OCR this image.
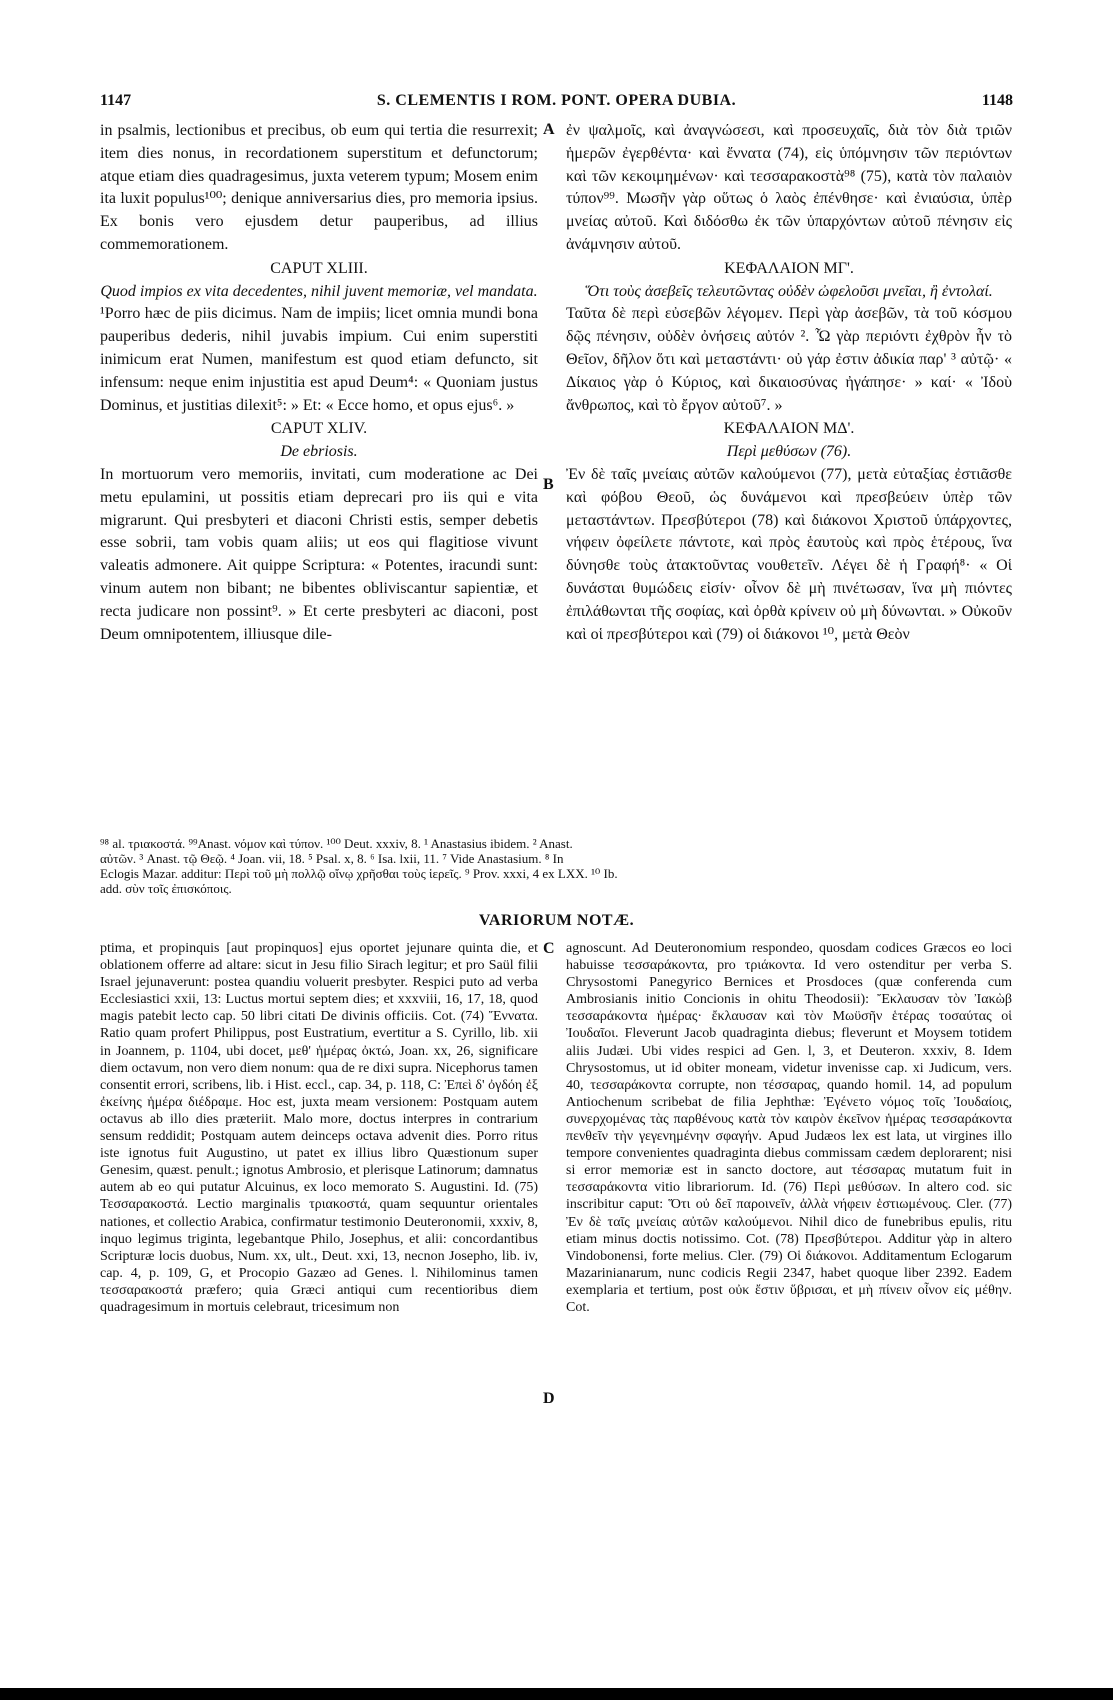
1147	S. CLEMENTIS I ROM. PONT. OPERA DUBIA.	1148

in psalmis, lectionibus et precibus, ob eum qui tertia die resurrexit; item dies nonus, in recordationem superstitum et defunctorum; atque etiam dies quadragesimus, juxta veterem typum; Mosem enim ita luxit populus¹⁰⁰; denique anniversarius dies, pro memoria ipsius. Ex bonis vero ejusdem detur pauperibus, ad illius commemorationem.

CAPUT XLIII.

Quod impios ex vita decedentes, nihil juvent memoriæ, vel mandata.

¹Porro hæc de piis dicimus. Nam de impiis; licet omnia mundi bona pauperibus dederis, nihil juvabis impium. Cui enim superstiti inimicum erat Numen, manifestum est quod etiam defuncto, sit infensum: neque enim injustitia est apud Deum⁴: « Quoniam justus Dominus, et justitias dilexit⁵: » Et: « Ecce homo, et opus ejus⁶. »

CAPUT XLIV.

De ebriosis.

In mortuorum vero memoriis, invitati, cum moderatione ac Dei metu epulamini, ut possitis etiam deprecari pro iis qui e vita migrarunt. Qui presbyteri et diaconi Christi estis, semper debetis esse sobrii, tam vobis quam aliis; ut eos qui flagitiose vivunt valeatis admonere. Ait quippe Scriptura: « Potentes, iracundi sunt: vinum autem non bibant; ne bibentes obliviscantur sapientiæ, et recta judicare non possint⁹. » Et certe presbyteri ac diaconi, post Deum omnipotentem, illiusque dile-

A
B

ἐν ψαλμοῖς, καὶ ἀναγνώσεσι, καὶ προσευχαῖς, διὰ τὸν διὰ τριῶν ἡμερῶν ἐγερθέντα· καὶ ἔννατα (74), εἰς ὑπόμνησιν τῶν περιόντων καὶ τῶν κεκοιμημένων· καὶ τεσσαρακοστὰ⁹⁸ (75), κατὰ τὸν παλαιὸν τύπον⁹⁹. Μωσῆν γὰρ οὕτως ὁ λαὸς ἐπένθησε· καὶ ἐνιαύσια, ὑπὲρ μνείας αὐτοῦ. Καὶ διδόσθω ἐκ τῶν ὑπαρχόντων αὐτοῦ πένησιν εἰς ἀνάμνησιν αὐτοῦ.

ΚΕΦΑΛΑΙΟΝ ΜΓ'.

Ὅτι τοὺς ἀσεβεῖς τελευτῶντας οὐδὲν ὠφελοῦσι μνεῖαι, ἢ ἐντολαί.

Ταῦτα δὲ περὶ εὐσεβῶν λέγομεν. Περὶ γὰρ ἀσεβῶν, τὰ τοῦ κόσμου δῷς πένησιν, οὐδὲν ὀνήσεις αὐτόν ². Ὧ γὰρ περιόντι ἐχθρὸν ἦν τὸ Θεῖον, δῆλον ὅτι καὶ μεταστάντι· οὐ γάρ ἐστιν ἀδικία παρ' ³ αὐτῷ· « Δίκαιος γὰρ ὁ Κύριος, καὶ δικαιοσύνας ἠγάπησε· » καί· « Ἰδοὺ ἄνθρωπος, καὶ τὸ ἔργον αὐτοῦ⁷. »

ΚΕΦΑΛΑΙΟΝ ΜΔ'.

Περὶ μεθύσων (76).

Ἐν δὲ ταῖς μνείαις αὐτῶν καλούμενοι (77), μετὰ εὐταξίας ἐστιᾶσθε καὶ φόβου Θεοῦ, ὡς δυνάμενοι καὶ πρεσβεύειν ὑπὲρ τῶν μεταστάντων. Πρεσβύτεροι (78) καὶ διάκονοι Χριστοῦ ὑπάρχοντες, νήφειν ὀφείλετε πάντοτε, καὶ πρὸς ἑαυτοὺς καὶ πρὸς ἑτέρους, ἵνα δύνησθε τοὺς ἀτακτοῦντας νουθετεῖν. Λέγει δὲ ἡ Γραφή⁸· « Οἱ δυνάσται θυμώδεις εἰσίν· οἶνον δὲ μὴ πινέτωσαν, ἵνα μὴ πιόντες ἐπιλάθωνται τῆς σοφίας, καὶ ὀρθὰ κρίνειν οὐ μὴ δύνωνται. » Οὐκοῦν καὶ οἱ πρεσβύτεροι καὶ (79) οἱ διάκονοι ¹⁰, μετὰ Θεὸν

⁹⁸ al. τριακοστά. ⁹⁹Anast. νόμον καὶ τύπον. ¹⁰⁰ Deut. xxxiv, 8. ¹ Anastasius ibidem. ² Anast.

αὐτῶν. ³ Anast. τῷ Θεῷ. ⁴ Joan. vii, 18. ⁵ Psal. x, 8. ⁶ Isa. lxii, 11. ⁷ Vide Anastasium. ⁸ In

Eclogis Mazar. additur: Περὶ τοῦ μὴ πολλῷ οἴνῳ χρῆσθαι τοὺς ἱερεῖς. ⁹ Prov. xxxi, 4 ex LXX. ¹⁰ Ib.

add. σὺν τοῖς ἐπισκόποις.

VARIORUM NOTÆ.

ptima, et propinquis [aut propinquos] ejus oportet jejunare quinta die, et oblationem offerre ad altare: sicut in Jesu filio Sirach legitur; et pro Saül filii Israel jejunaverunt: postea quandiu voluerit presbyter. Respici puto ad verba Ecclesiastici xxii, 13: Luctus mortui septem dies; et xxxviii, 16, 17, 18, quod magis patebit lecto cap. 50 libri citati De divinis officiis. Cot. (74) Ἔννατα. Ratio quam profert Philippus, post Eustratium, evertitur a S. Cyrillo, lib. xii in Joannem, p. 1104, ubi docet, μεθ' ἡμέρας ὀκτώ, Joan. xx, 26, significare diem octavum, non vero diem nonum: qua de re dixi supra. Nicephorus tamen consentit errori, scribens, lib. i Hist. eccl., cap. 34, p. 118, C: Ἐπεὶ δ' ὀγδόη ἐξ ἐκείνης ἡμέρα διέδραμε. Hoc est, juxta meam versionem: Postquam autem octavus ab illo dies præteriit. Malo more, doctus interpres in contrarium sensum reddidit; Postquam autem deinceps octava advenit dies. Porro ritus iste ignotus fuit Augustino, ut patet ex illius libro Quæstionum super Genesim, quæst. penult.; ignotus Ambrosio, et plerisque Latinorum; damnatus autem ab eo qui putatur Alcuinus, ex loco memorato S. Augustini. Id. (75) Τεσσαρακοστά. Lectio marginalis τριακοστά, quam sequuntur orientales nationes, et collectio Arabica, confirmatur testimonio Deuteronomii, xxxiv, 8, inquo legimus triginta, legebantque Philo, Josephus, et alii: concordantibus Scripturæ locis duobus, Num. xx, ult., Deut. xxi, 13, necnon Josepho, lib. iv, cap. 4, p. 109, G, et Procopio Gazæo ad Genes. l. Nihilominus tamen τεσσαρακοστά præfero; quia Græci antiqui cum recentioribus diem quadragesimum in mortuis celebraut, tricesimum non

C
D

agnoscunt. Ad Deuteronomium respondeo, quosdam codices Græcos eo loci habuisse τεσσαράκοντα, pro τριάκοντα. Id vero ostenditur per verba S. Chrysostomi Panegyrico Bernices et Prosdoces (quæ conferenda cum Ambrosianis initio Concionis in ohitu Theodosii): Ἔκλαυσαν τὸν Ἰακὼβ τεσσαράκοντα ἡμέρας· ἔκλαυσαν καὶ τὸν Μωϋσῆν ἑτέρας τοσαύτας οἱ Ἰουδαῖοι. Fleverunt Jacob quadraginta diebus; fleverunt et Moysem totidem aliis Judæi. Ubi vides respici ad Gen. l, 3, et Deuteron. xxxiv, 8. Idem Chrysostomus, ut id obiter moneam, videtur invenisse cap. xi Judicum, vers. 40, τεσσαράκοντα corrupte, non τέσσαρας, quando homil. 14, ad populum Antiochenum scribebat de filia Jephthæ: Ἐγένετο νόμος τοῖς Ἰουδαίοις, συνερχομένας τὰς παρθένους κατὰ τὸν καιρὸν ἐκεῖνον ἡμέρας τεσσαράκοντα πενθεῖν τὴν γεγενημένην σφαγήν. Apud Judæos lex est lata, ut virgines illo tempore convenientes quadraginta diebus commissam cædem deplorarent; nisi si error memoriæ est in sancto doctore, aut τέσσαρας mutatum fuit in τεσσαράκοντα vitio librariorum. Id. (76) Περὶ μεθύσων. In altero cod. sic inscribitur caput: Ὅτι οὐ δεῖ παροινεῖν, ἀλλὰ νήφειν ἑστιωμένους. Cler. (77) Ἐν δὲ ταῖς μνείαις αὐτῶν καλούμενοι. Nihil dico de funebribus epulis, ritu etiam minus doctis notissimo. Cot. (78) Πρεσβύτεροι. Additur γὰρ in altero Vindobonensi, forte melius. Cler. (79) Οἱ διάκονοι. Additamentum Eclogarum Mazarinianarum, nunc codicis Regii 2347, habet quoque liber 2392. Eadem exemplaria et tertium, post οὐκ ἔστιν ὕβρισαι, et μὴ πίνειν οἶνον εἰς μέθην. Cot.
